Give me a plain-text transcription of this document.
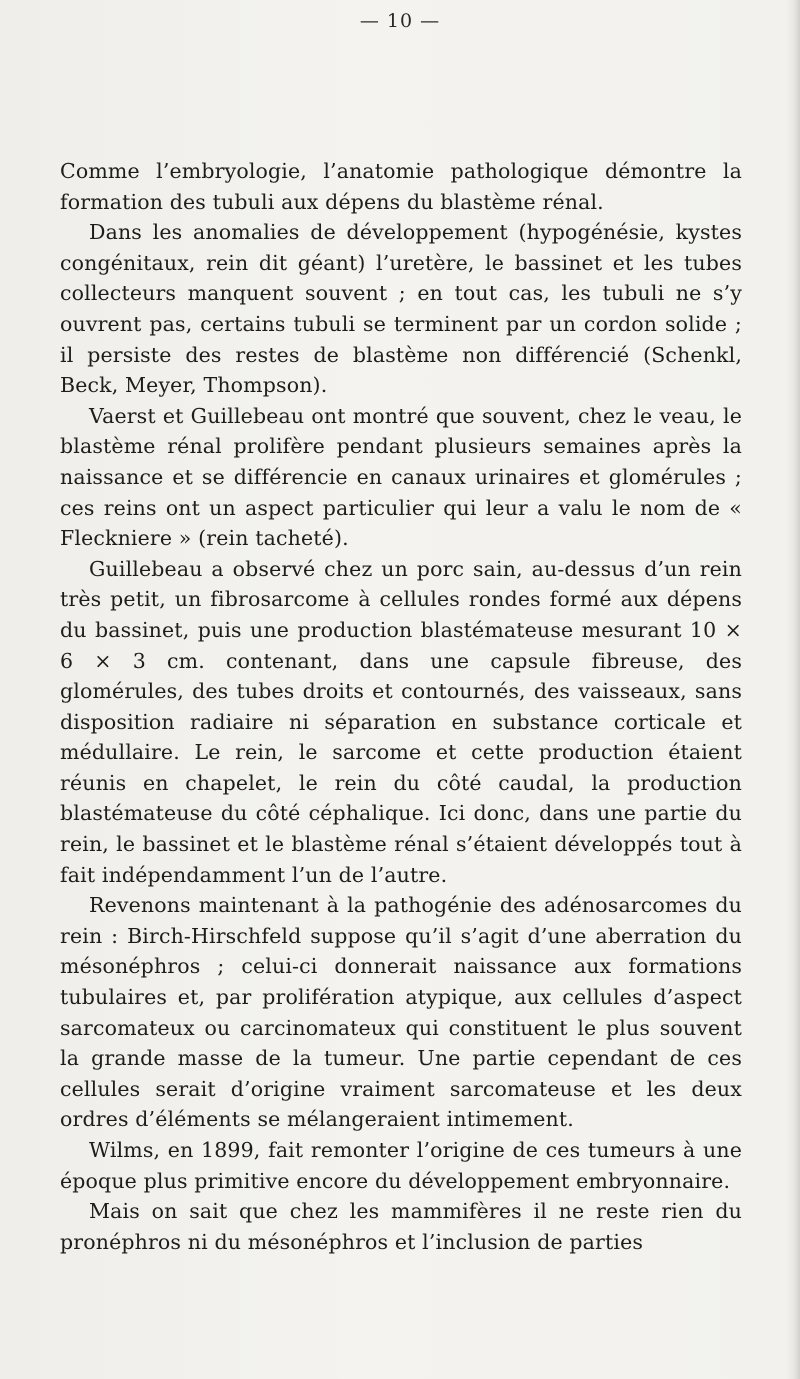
— 10 —

Comme l’embryologie, l’anatomie pathologique démontre la formation des tubuli aux dépens du blastème rénal.

Dans les anomalies de développement (hypogénésie, kystes congénitaux, rein dit géant) l’uretère, le bassinet et les tubes collecteurs manquent souvent ; en tout cas, les tubuli ne s’y ouvrent pas, certains tubuli se terminent par un cordon solide ; il persiste des restes de blastème non différencié (Schenkl, Beck, Meyer, Thompson).

Vaerst et Guillebeau ont montré que souvent, chez le veau, le blastème rénal prolifère pendant plusieurs semaines après la naissance et se différencie en canaux urinaires et glomérules ; ces reins ont un aspect particulier qui leur a valu le nom de « Fleckniere » (rein tacheté).

Guillebeau a observé chez un porc sain, au-dessus d’un rein très petit, un fibrosarcome à cellules rondes formé aux dépens du bassinet, puis une production blastémateuse mesurant 10 × 6 × 3 cm. contenant, dans une capsule fibreuse, des glomérules, des tubes droits et contournés, des vaisseaux, sans disposition radiaire ni séparation en substance corticale et médullaire. Le rein, le sarcome et cette production étaient réunis en chapelet, le rein du côté caudal, la production blastémateuse du côté céphalique. Ici donc, dans une partie du rein, le bassinet et le blastème rénal s’étaient développés tout à fait indépendamment l’un de l’autre.

Revenons maintenant à la pathogénie des adénosarcomes du rein : Birch-Hirschfeld suppose qu’il s’agit d’une aberration du mésonéphros ; celui-ci donnerait naissance aux formations tubulaires et, par prolifération atypique, aux cellules d’aspect sarcomateux ou carcinomateux qui constituent le plus souvent la grande masse de la tumeur. Une partie cependant de ces cellules serait d’origine vraiment sarcomateuse et les deux ordres d’éléments se mélangeraient intimement.

Wilms, en 1899, fait remonter l’origine de ces tumeurs à une époque plus primitive encore du développement embryonnaire.

Mais on sait que chez les mammifères il ne reste rien du pronéphros ni du mésonéphros et l’inclusion de parties
